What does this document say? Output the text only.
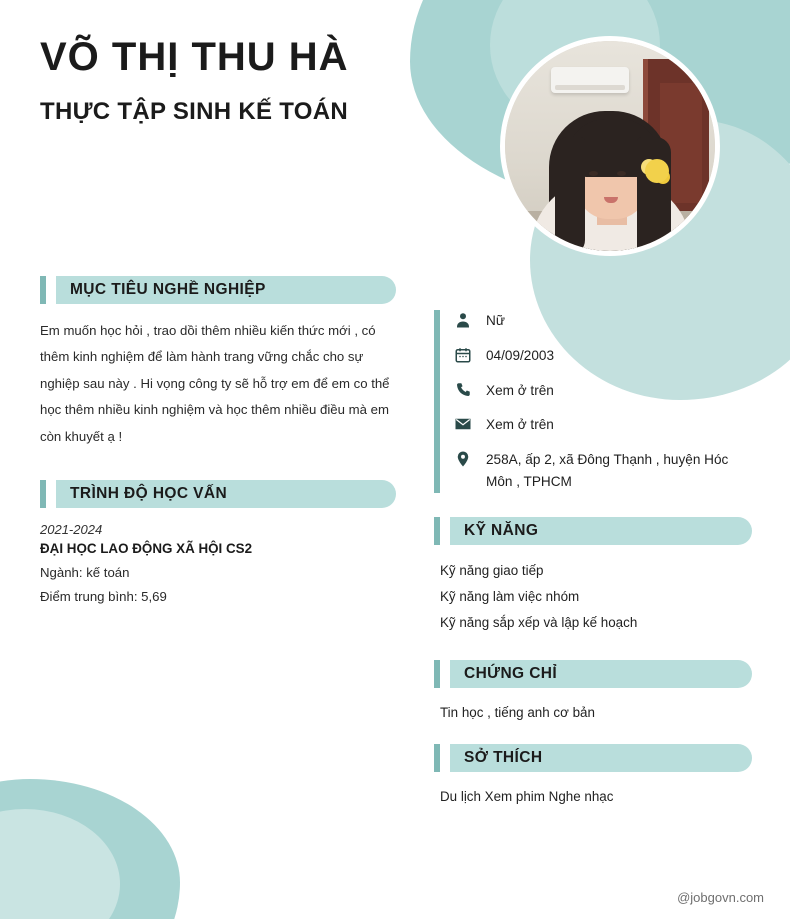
VÕ THỊ THU HÀ
THỰC TẬP SINH KẾ TOÁN
MỤC TIÊU NGHỀ NGHIỆP
Em muốn học hỏi , trao dồi thêm nhiều kiến thức mới , có thêm kinh nghiệm để làm hành trang vững chắc cho sự nghiệp sau này . Hi vọng công ty sẽ hỗ trợ em để em co thể học thêm nhiều kinh nghiệm và học thêm nhiều điều mà em còn khuyết ạ !
TRÌNH ĐỘ HỌC VẤN
2021-2024
ĐẠI HỌC LAO ĐỘNG XÃ HỘI CS2
Ngành: kế toán
Điểm trung bình: 5,69
Nữ
04/09/2003
Xem ở trên
Xem ở trên
258A, ấp 2, xã Đông Thạnh , huyện Hóc Môn , TPHCM
KỸ NĂNG
Kỹ năng giao tiếp
Kỹ năng làm việc nhóm
Kỹ năng sắp xếp và lập kế hoạch
CHỨNG CHỈ
Tin học , tiếng anh cơ bản
SỞ THÍCH
Du lịch Xem phim Nghe nhạc
@jobgovn.com
